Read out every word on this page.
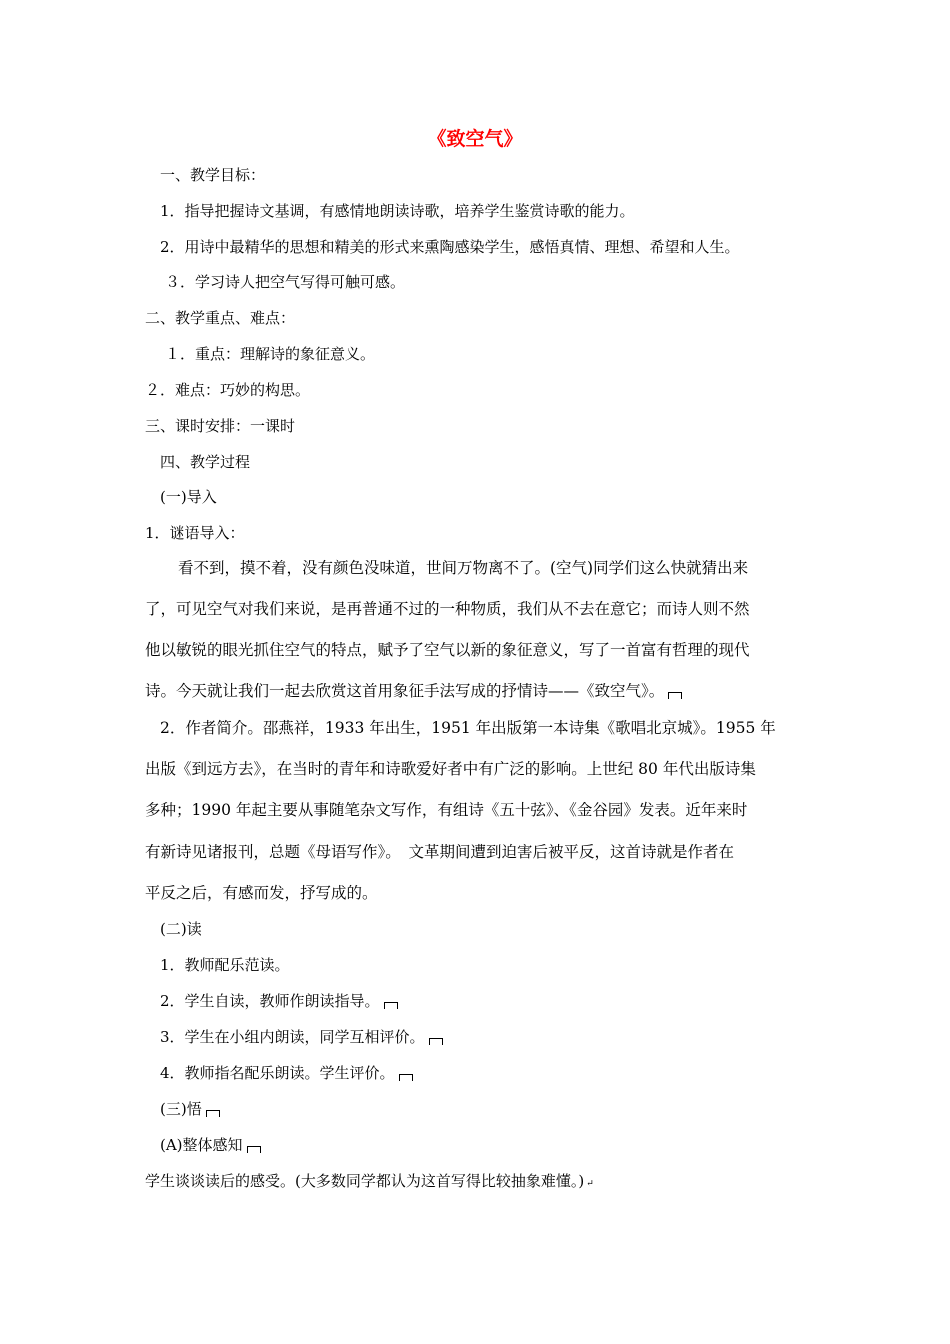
《致空气》
一、教学目标：
1．指导把握诗文基调，有感情地朗读诗歌，培养学生鉴赏诗歌的能力。
2．用诗中最精华的思想和精美的形式来熏陶感染学生，感悟真情、理想、希望和人生。
３．学习诗人把空气写得可触可感。
二、教学重点、难点：
１．重点：理解诗的象征意义。
２．难点：巧妙的构思。
三、课时安排：一课时
四、教学过程
(一)导入
1．谜语导入：
看不到，摸不着，没有颜色没味道，世间万物离不了。(空气)同学们这么快就猜出来
了，可见空气对我们来说，是再普通不过的一种物质，我们从不去在意它；而诗人则不然
他以敏锐的眼光抓住空气的特点，赋予了空气以新的象征意义，写了一首富有哲理的现代
诗。今天就让我们一起去欣赏这首用象征手法写成的抒情诗——《致空气》。
2．作者简介。邵燕祥，1933 年出生，1951 年出版第一本诗集《歌唱北京城》。1955 年
出版《到远方去》，在当时的青年和诗歌爱好者中有广泛的影响。上世纪 80 年代出版诗集
多种；1990 年起主要从事随笔杂文写作，有组诗《五十弦》、《金谷园》发表。近年来时
有新诗见诸报刊，总题《母语写作》。　文革期间遭到迫害后被平反，这首诗就是作者在
平反之后，有感而发，抒写成的。
(二)读
1．教师配乐范读。
2．学生自读，教师作朗读指导。
3．学生在小组内朗读，同学互相评价。
4．教师指名配乐朗读。学生评价。
(三)悟
(A)整体感知
学生谈谈读后的感受。(大多数同学都认为这首写得比较抽象难懂。) ↵
